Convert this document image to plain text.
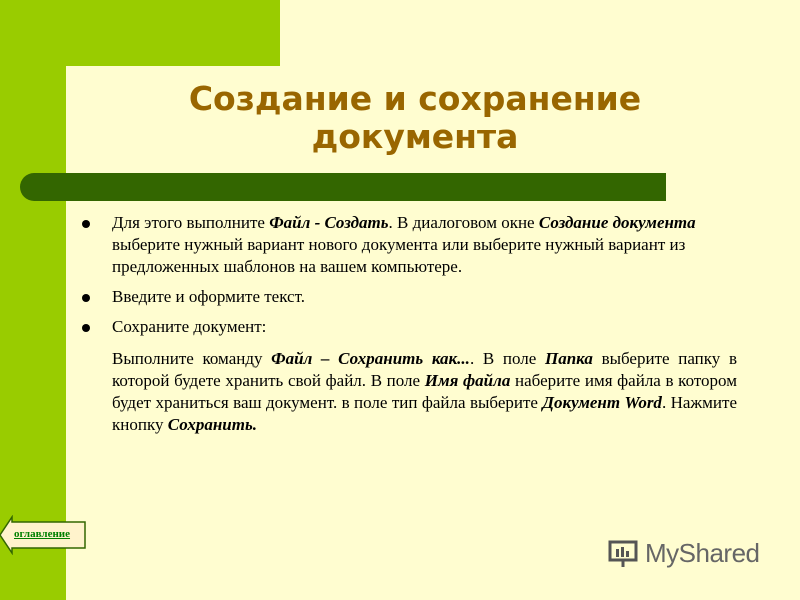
Создание и сохранение
документа
Для этого выполните Файл - Создать. В диалоговом окне Создание документа выберите нужный вариант нового документа или выберите нужный вариант из предложенных шаблонов на вашем компьютере.
Введите и оформите текст.
Сохраните документ:
Выполните команду Файл – Сохранить как.... В поле Папка выберите папку в которой будете хранить свой файл. В поле Имя файла наберите имя файла в котором будет храниться ваш документ. в поле тип файла выберите Документ Word. Нажмите кнопку Сохранить.
оглавление
MyShared
